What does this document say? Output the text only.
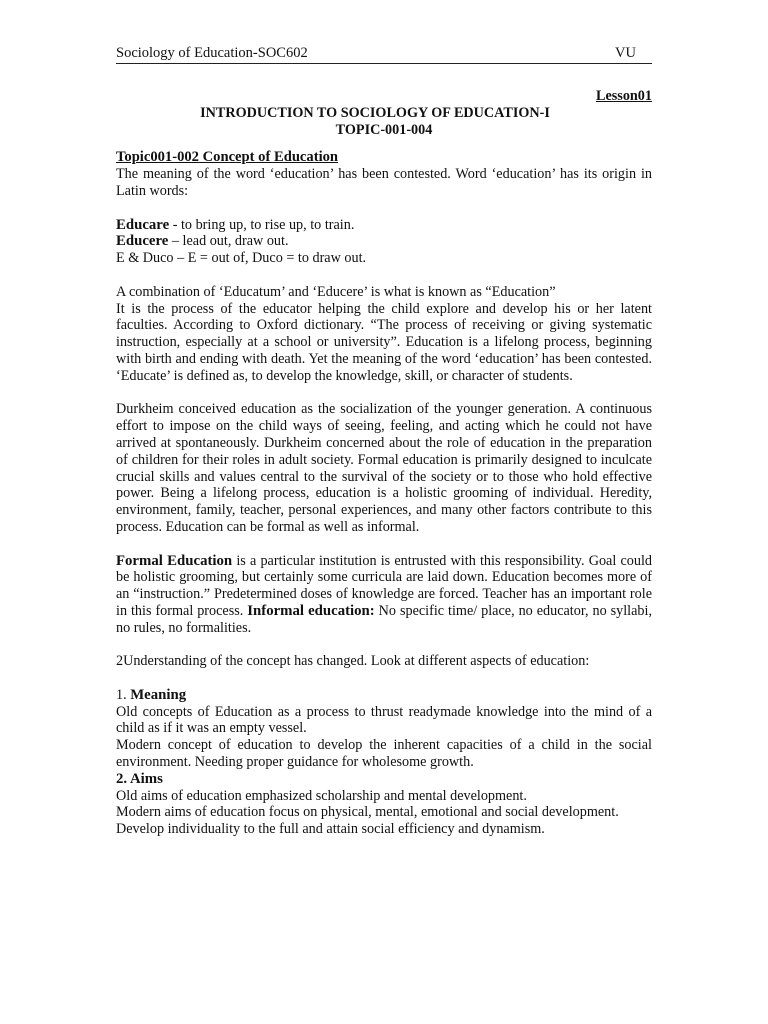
Sociology of Education-SOC602	VU

Lesson01

INTRODUCTION TO SOCIOLOGY OF EDUCATION-I

TOPIC-001-004

Topic001-002 Concept of Education

The meaning of the word ‘education’ has been contested. Word ‘education’ has its origin in Latin words:

Educare - to bring up, to rise up, to train.

Educere – lead out, draw out.

E & Duco – E = out of, Duco = to draw out.

A combination of ‘Educatum’ and ‘Educere’ is what is known as “Education”

It is the process of the educator helping the child explore and develop his or her latent faculties. According to Oxford dictionary. “The process of receiving or giving systematic instruction, especially at a school or university”. Education is a lifelong process, beginning with birth and ending with death. Yet the meaning of the word ‘education’ has been contested. ‘Educate’ is defined as, to develop the knowledge, skill, or character of students.

Durkheim conceived education as the socialization of the younger generation. A continuous effort to impose on the child ways of seeing, feeling, and acting which he could not have arrived at spontaneously. Durkheim concerned about the role of education in the preparation of children for their roles in adult society. Formal education is primarily designed to inculcate crucial skills and values central to the survival of the society or to those who hold effective power. Being a lifelong process, education is a holistic grooming of individual. Heredity, environment, family, teacher, personal experiences, and many other factors contribute to this process. Education can be formal as well as informal.

Formal Education is a particular institution is entrusted with this responsibility. Goal could be holistic grooming, but certainly some curricula are laid down. Education becomes more of an “instruction.” Predetermined doses of knowledge are forced. Teacher has an important role in this formal process. Informal education: No specific time/ place, no educator, no syllabi, no rules, no formalities.

2Understanding of the concept has changed. Look at different aspects of education:

1. Meaning

Old concepts of Education as a process to thrust readymade knowledge into the mind of a child as if it was an empty vessel.

Modern concept of education to develop the inherent capacities of a child in the social environment. Needing proper guidance for wholesome growth.

2. Aims

Old aims of education emphasized scholarship and mental development.

Modern aims of education focus on physical, mental, emotional and social development.

Develop individuality to the full and attain social efficiency and dynamism.
